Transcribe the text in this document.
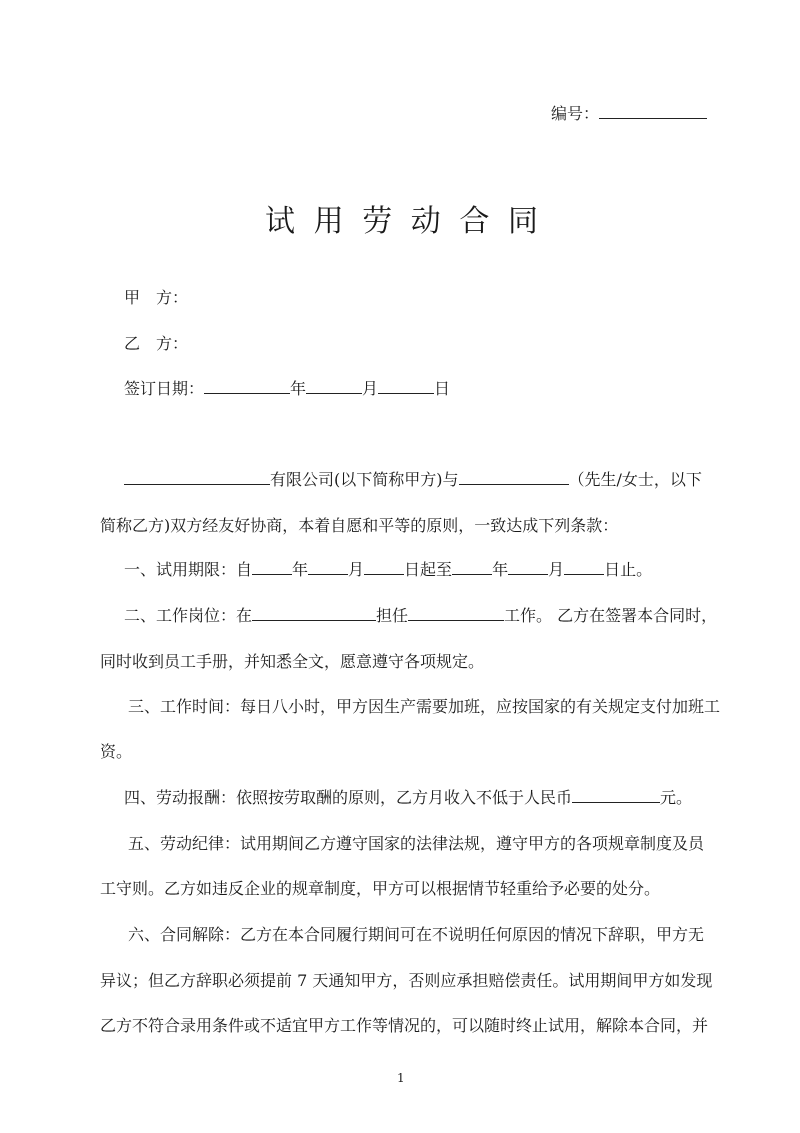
编号：
试用劳动合同
甲　方：
乙　方：
签订日期：	年	月	日
有限公司(以下简称甲方)与	（先生/女士，以下
简称乙方)双方经友好协商，本着自愿和平等的原则，一致达成下列条款：
一、试用期限：自	年	月	日起至	年	月	日止。
二、工作岗位：在	担任	工作。 乙方在签署本合同时，
同时收到员工手册，并知悉全文，愿意遵守各项规定。
三、工作时间：每日八小时，甲方因生产需要加班，应按国家的有关规定支付加班工
资。
四、劳动报酬：依照按劳取酬的原则，乙方月收入不低于人民币	元。
五、劳动纪律：试用期间乙方遵守国家的法律法规，遵守甲方的各项规章制度及员
工守则。乙方如违反企业的规章制度，甲方可以根据情节轻重给予必要的处分。
六、合同解除：乙方在本合同履行期间可在不说明任何原因的情况下辞职，甲方无
异议；但乙方辞职必须提前 7 天通知甲方，否则应承担赔偿责任。试用期间甲方如发现
乙方不符合录用条件或不适宜甲方工作等情况的，可以随时终止试用，解除本合同，并
1
